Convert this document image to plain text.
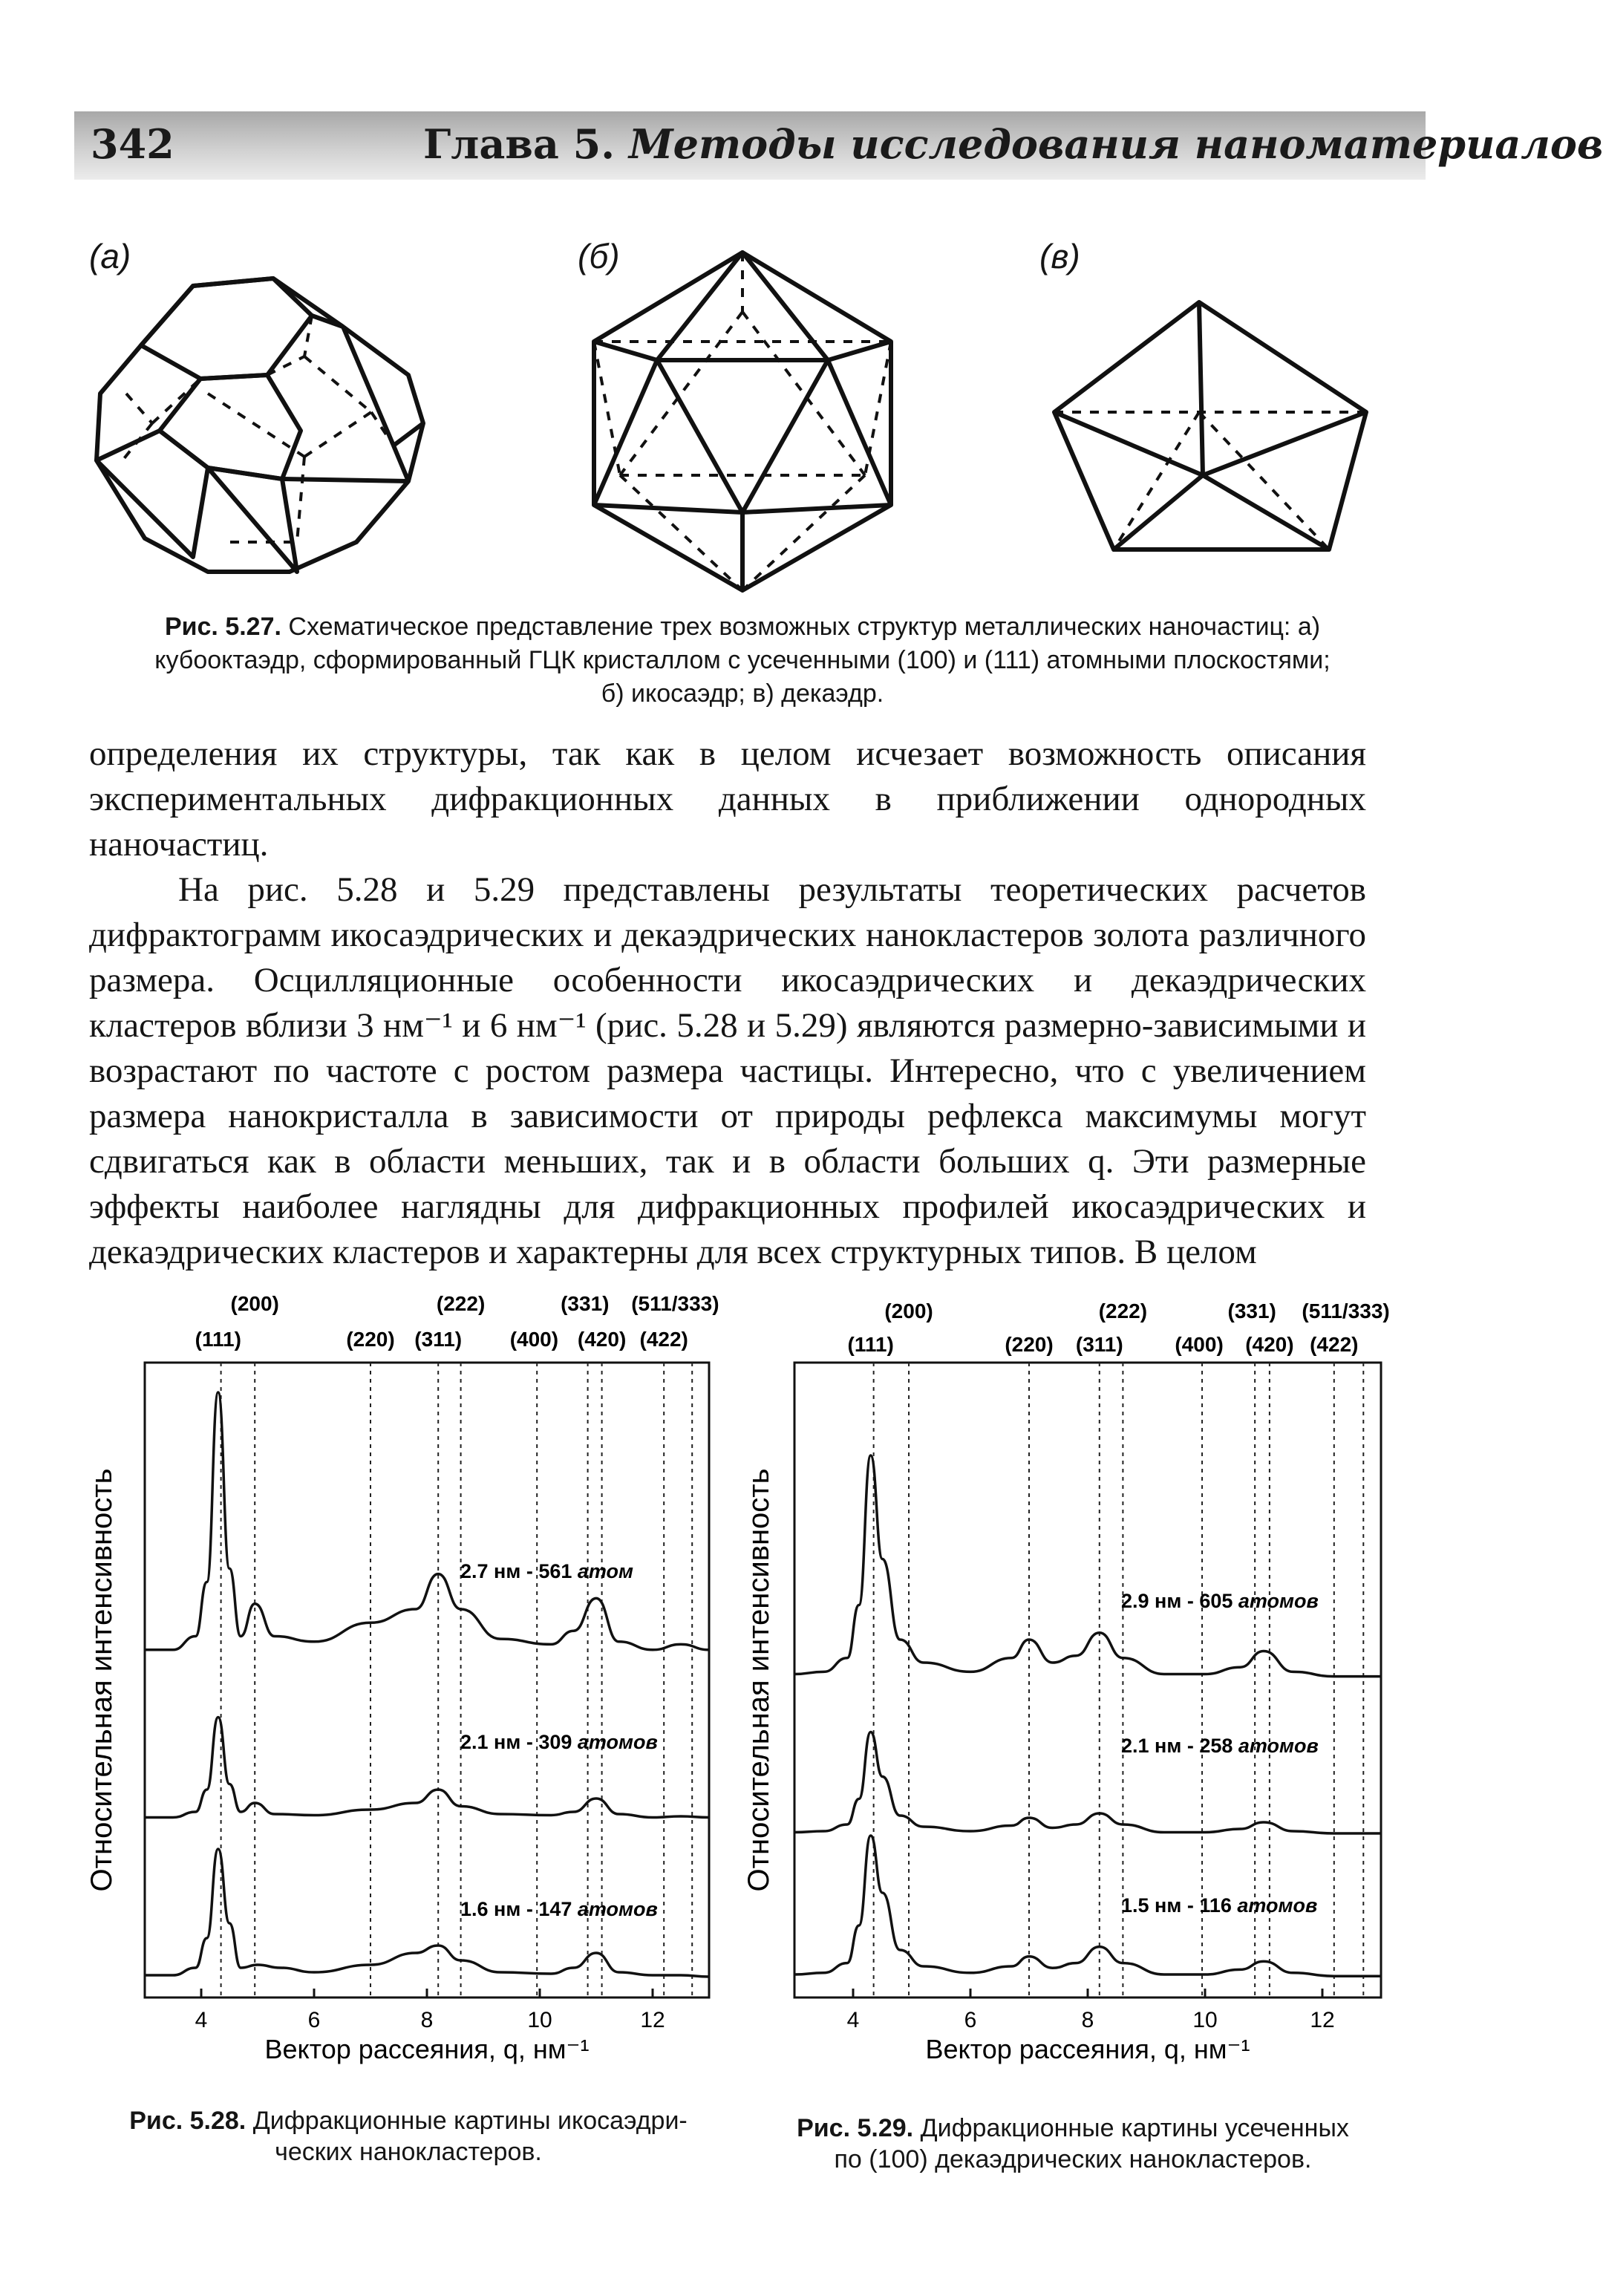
342	Глава 5. Методы исследования наноматериалов
(а)	(б)	(в)
Рис. 5.27. Схематическое представление трех возможных структур металлических наночастиц: а)
кубооктаэдр, сформированный ГЦК кристаллом с усеченными (100) и (111) атомными плоскостями;
б) икосаэдр; в) декаэдр.

определения их структуры, так как в целом исчезает возможность описания экспериментальных дифракционных данных в приближении однородных наночастиц.

На рис. 5.28 и 5.29 представлены результаты теоретических расчетов дифрактограмм икосаэдрических и декаэдрических нанокластеров золота различного размера. Осцилляционные особенности икосаэдрических и декаэдрических кластеров вблизи 3 нм⁻¹ и 6 нм⁻¹ (рис. 5.28 и 5.29) являются размерно-зависимыми и возрастают по частоте с ростом размера частицы. Интересно, что с увеличением размера нанокристалла в зависимости от природы рефлекса максимумы могут сдвигаться как в области меньших, так и в области больших q. Эти размерные эффекты наиболее наглядны для дифракционных профилей икосаэдрических и декаэдрических кластеров и характерны для всех структурных типов. В целом

(200)	(222)	(331) (511/333)
(111)	(220) (311) (400) (420) (422)
2.7 нм - 561 атом
2.1 нм - 309 атомов
1.6 нм - 147 атомов
4	6	8	10	12
Вектор рассеяния, q, нм⁻¹
Относительная интенсивность
(200)	(222)	(331) (511/333)
(111)	(220) (311) (400) (420) (422)
2.9 нм - 605 атомов
2.1 нм - 258 атомов
1.5 нм - 116 атомов
4	6	8	10	12
Вектор рассеяния, q, нм⁻¹
Относительная интенсивность
Рис. 5.28. Дифракционные картины икосаэдри-
ческих нанокластеров.
Рис. 5.29. Дифракционные картины усеченных
по (100) декаэдрических нанокластеров.
